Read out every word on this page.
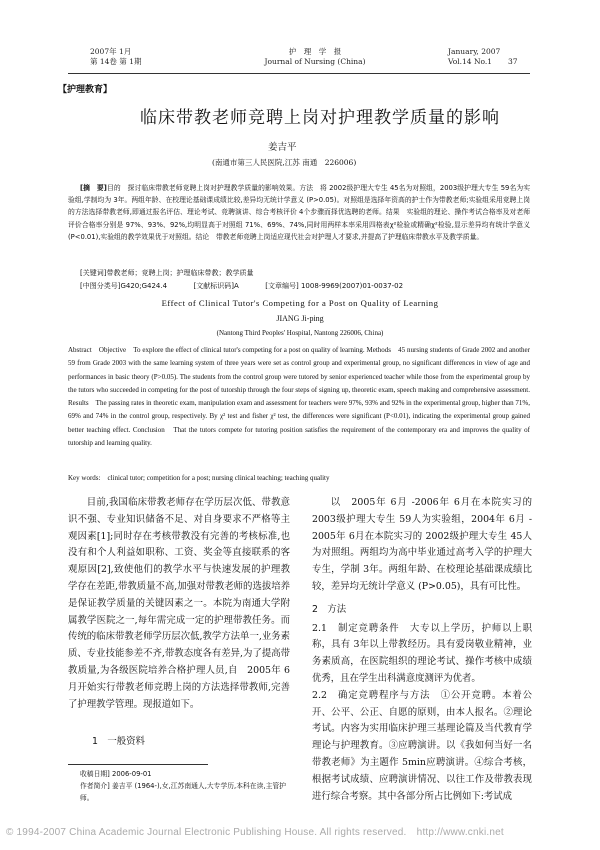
2007年 1月
第 14卷 第 1期
护　理　学　报
Journal of Nursing (China)
January, 2007
Vol.14 No.1	37
【护理教育】
临床带教老师竞聘上岗对护理教学质量的影响
姜吉平
(南通市第三人民医院,江苏 南通　226006)
[摘　要]目的　探讨临床带教老师竞聘上岗对护理教学质量的影响效果。方法　将 2002级护理大专生 45名为对照组，2003级护理大专生 59名为实验组,学制均为 3年。两组年龄、在校理论基础课成绩比较,差异均无统计学意义 (P>0.05)。对照组是选择年资高的护士作为带教老师;实验组采用竞聘上岗的方法选择带教老师,即通过报名评估、理论考试、竞聘演讲、综合考核评价 4个步骤而择优选聘的老师。结果　实验组的理论、操作考试合格率及对老师评价合格率分别是 97%、93%、92%,均明显高于对照组 71%、69%、74%,同时用两样本率采用四格表χ²检验或精确χ²检验,显示差异均有统计学意义 (P<0.01),实验组的教学效果优于对照组。结论　带教老师竞聘上岗适应现代社会对护理人才要求,并提高了护理临床带教水平及教学质量。
[关键词]带教老师；竞聘上岗；护理临床带教；教学质量
[中图分类号]G420;G424.4	[文献标识码]A	[文章编号] 1008-9969(2007)01-0037-02
Effect of Clinical Tutor's Competing for a Post on Quality of Learning
JIANG Ji-ping
(Nantong Third Peoples' Hospital, Nantong 226006, China)
Abstract　Objective　To explore the effect of clinical tutor's competing for a post on quality of learning. Methods　45 nursing students of Grade 2002 and another 59 from Grade 2003 with the same learning system of three years were set as control group and experimental group, no significant differences in view of age and performances in basic theory (P>0.05). The students from the control group were tutored by senior experienced teacher while those from the experimental group by the tutors who succeeded in competing for the post of tutorship through the four steps of signing up, theoretic exam, speech making and comprehensive assessment. Results　The passing rates in theoretic exam, manipulation exam and assessment for teachers were 97%, 93% and 92% in the experimental group, higher than 71%, 69% and 74% in the control group, respectively. By χ² test and fisher χ² test, the differences were significant (P<0.01), indicating the experimental group gained better teaching effect. Conclusion　That the tutors compete for tutoring position satisfies the requirement of the contemporary era and improves the quality of tutorship and learning quality.
Key words:　clinical tutor; competition for a post; nursing clinical teaching; teaching quality

目前,我国临床带教老师存在学历层次低、带教意识不强、专业知识储备不足、对自身要求不严格等主观因素[1];同时存在考核带教没有完善的考核标准,也没有和个人利益如职称、工资、奖金等直接联系的客观原因[2],致使他们的教学水平与快速发展的护理教学存在差距,带教质量不高,加强对带教老师的选拔培养是保证教学质量的关键因素之一。本院为南通大学附属教学医院之一,每年需完成一定的护理带教任务。而传统的临床带教老师学历层次低,教学方法单一,业务素质、专业技能参差不齐,带教态度各有差异,为了提高带教质量,为各级医院培养合格护理人员,自　2005年 6月开始实行带教老师竞聘上岗的方法选择带教师,完善了护理教学管理。现报道如下。

1　一般资料

以　2005年 6月 -2006年 6月在本院实习的 2003级护理大专生 59人为实验组，2004年 6月 - 2005年 6月在本院实习的 2002级护理大专生 45人为对照组。两组均为高中毕业通过高考入学的护理大专生，学制 3年。两组年龄、在校理论基础课成绩比较，差异均无统计学意义 (P>0.05)，具有可比性。

2　方法

2.1　制定竞聘条件　大专以上学历，护师以上职称，具有 3年以上带教经历。具有爱岗敬业精神，业务素质高，在医院组织的理论考试、操作考核中成绩优秀，且在学生出科满意度测评为优者。

2.2　确定竞聘程序与方法　①公开竞聘。本着公开、公平、公正、自愿的原则，由本人报名。②理论考试。内容为实用临床护理三基理论篇及当代教育学理论与护理教育。③应聘演讲。以《我如何当好一名带教老师》为主题作 5min应聘演讲。④综合考核，根据考试成绩、应聘演讲情况、以往工作及带教表现进行综合考察。其中各部分所占比例如下:考试成

收稿日期] 2006-09-01
作者简介] 姜吉平 (1964-),女,江苏南通人,大专学历,本科在读,主管护师。
© 1994-2007 China Academic Journal Electronic Publishing House. All rights reserved.　http://www.cnki.net
